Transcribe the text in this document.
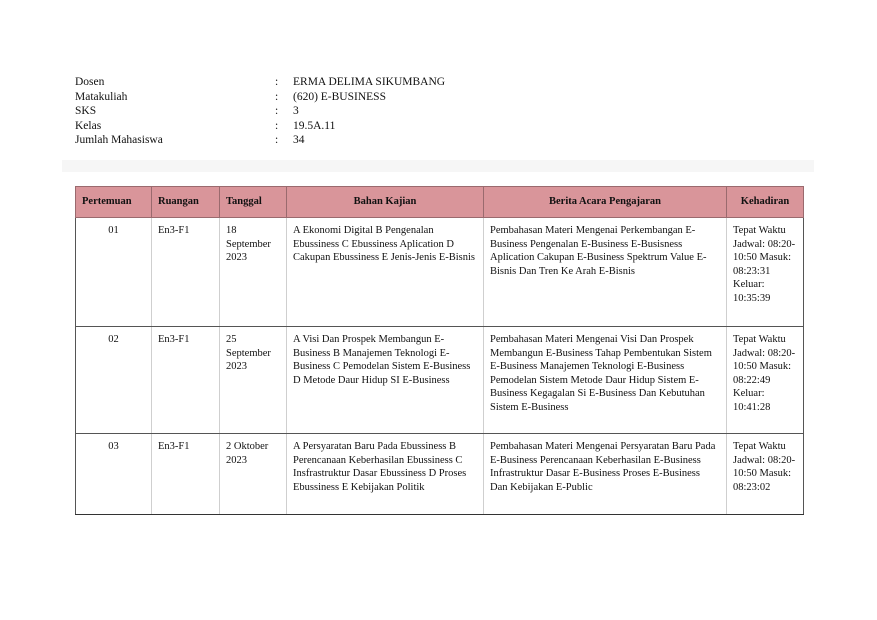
Dosen	:	ERMA DELIMA SIKUMBANG
Matakuliah	:	(620) E-BUSINESS
SKS	:	3
Kelas	:	19.5A.11
Jumlah Mahasiswa	:	34
Pertemuan	Ruangan	Tanggal	Bahan Kajian	Berita Acara Pengajaran	Kehadiran
01	En3-F1	18 September 2023	A Ekonomi Digital B Pengenalan Ebussiness C Ebussiness Aplication D Cakupan Ebussiness E Jenis-Jenis E-Bisnis	Pembahasan Materi Mengenai Perkembangan E-Business Pengenalan E-Business E-Busisness Aplication Cakupan E-Business Spektrum Value E-Bisnis Dan Tren Ke Arah E-Bisnis	Tepat Waktu Jadwal: 08:20-10:50 Masuk: 08:23:31 Keluar: 10:35:39
02	En3-F1	25 September 2023	A Visi Dan Prospek Membangun E-Business B Manajemen Teknologi E-Business C Pemodelan Sistem E-Business D Metode Daur Hidup SI E-Business	Pembahasan Materi Mengenai Visi Dan Prospek Membangun E-Business Tahap Pembentukan Sistem E-Business Manajemen Teknologi E-Business Pemodelan Sistem Metode Daur Hidup Sistem E-Business Kegagalan Si E-Business Dan Kebutuhan Sistem E-Business	Tepat Waktu Jadwal: 08:20-10:50 Masuk: 08:22:49 Keluar: 10:41:28
03	En3-F1	2 Oktober 2023	A Persyaratan Baru Pada Ebussiness B Perencanaan Keberhasilan Ebussiness C Insfrastruktur Dasar Ebussiness D Proses Ebussiness E Kebijakan Politik	Pembahasan Materi Mengenai Persyaratan Baru Pada E-Business Perencanaan Keberhasilan E-Business Infrastruktur Dasar E-Business Proses E-Business Dan Kebijakan E-Public	Tepat Waktu Jadwal: 08:20-10:50 Masuk: 08:23:02
